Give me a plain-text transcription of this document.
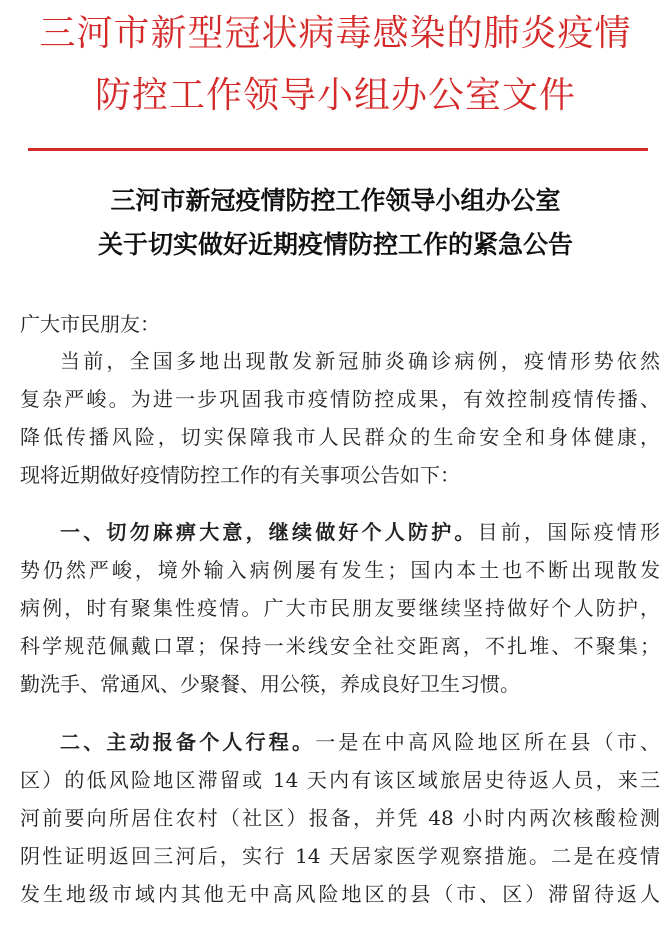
三河市新型冠状病毒感染的肺炎疫情
防控工作领导小组办公室文件
三河市新冠疫情防控工作领导小组办公室
关于切实做好近期疫情防控工作的紧急公告
广大市民朋友：
当前，全国多地出现散发新冠肺炎确诊病例，疫情形势依然
复杂严峻。为进一步巩固我市疫情防控成果，有效控制疫情传播、
降低传播风险，切实保障我市人民群众的生命安全和身体健康，
现将近期做好疫情防控工作的有关事项公告如下：
一、切勿麻痹大意，继续做好个人防护。目前，国际疫情形
势仍然严峻，境外输入病例屡有发生；国内本土也不断出现散发
病例，时有聚集性疫情。广大市民朋友要继续坚持做好个人防护，
科学规范佩戴口罩；保持一米线安全社交距离，不扎堆、不聚集；
勤洗手、常通风、少聚餐、用公筷，养成良好卫生习惯。
二、主动报备个人行程。一是在中高风险地区所在县（市、
区）的低风险地区滞留或 14 天内有该区域旅居史待返人员，来三
河前要向所居住农村（社区）报备，并凭 48 小时内两次核酸检测
阴性证明返回三河后，实行 14 天居家医学观察措施。二是在疫情
发生地级市域内其他无中高风险地区的县（市、区）滞留待返人
